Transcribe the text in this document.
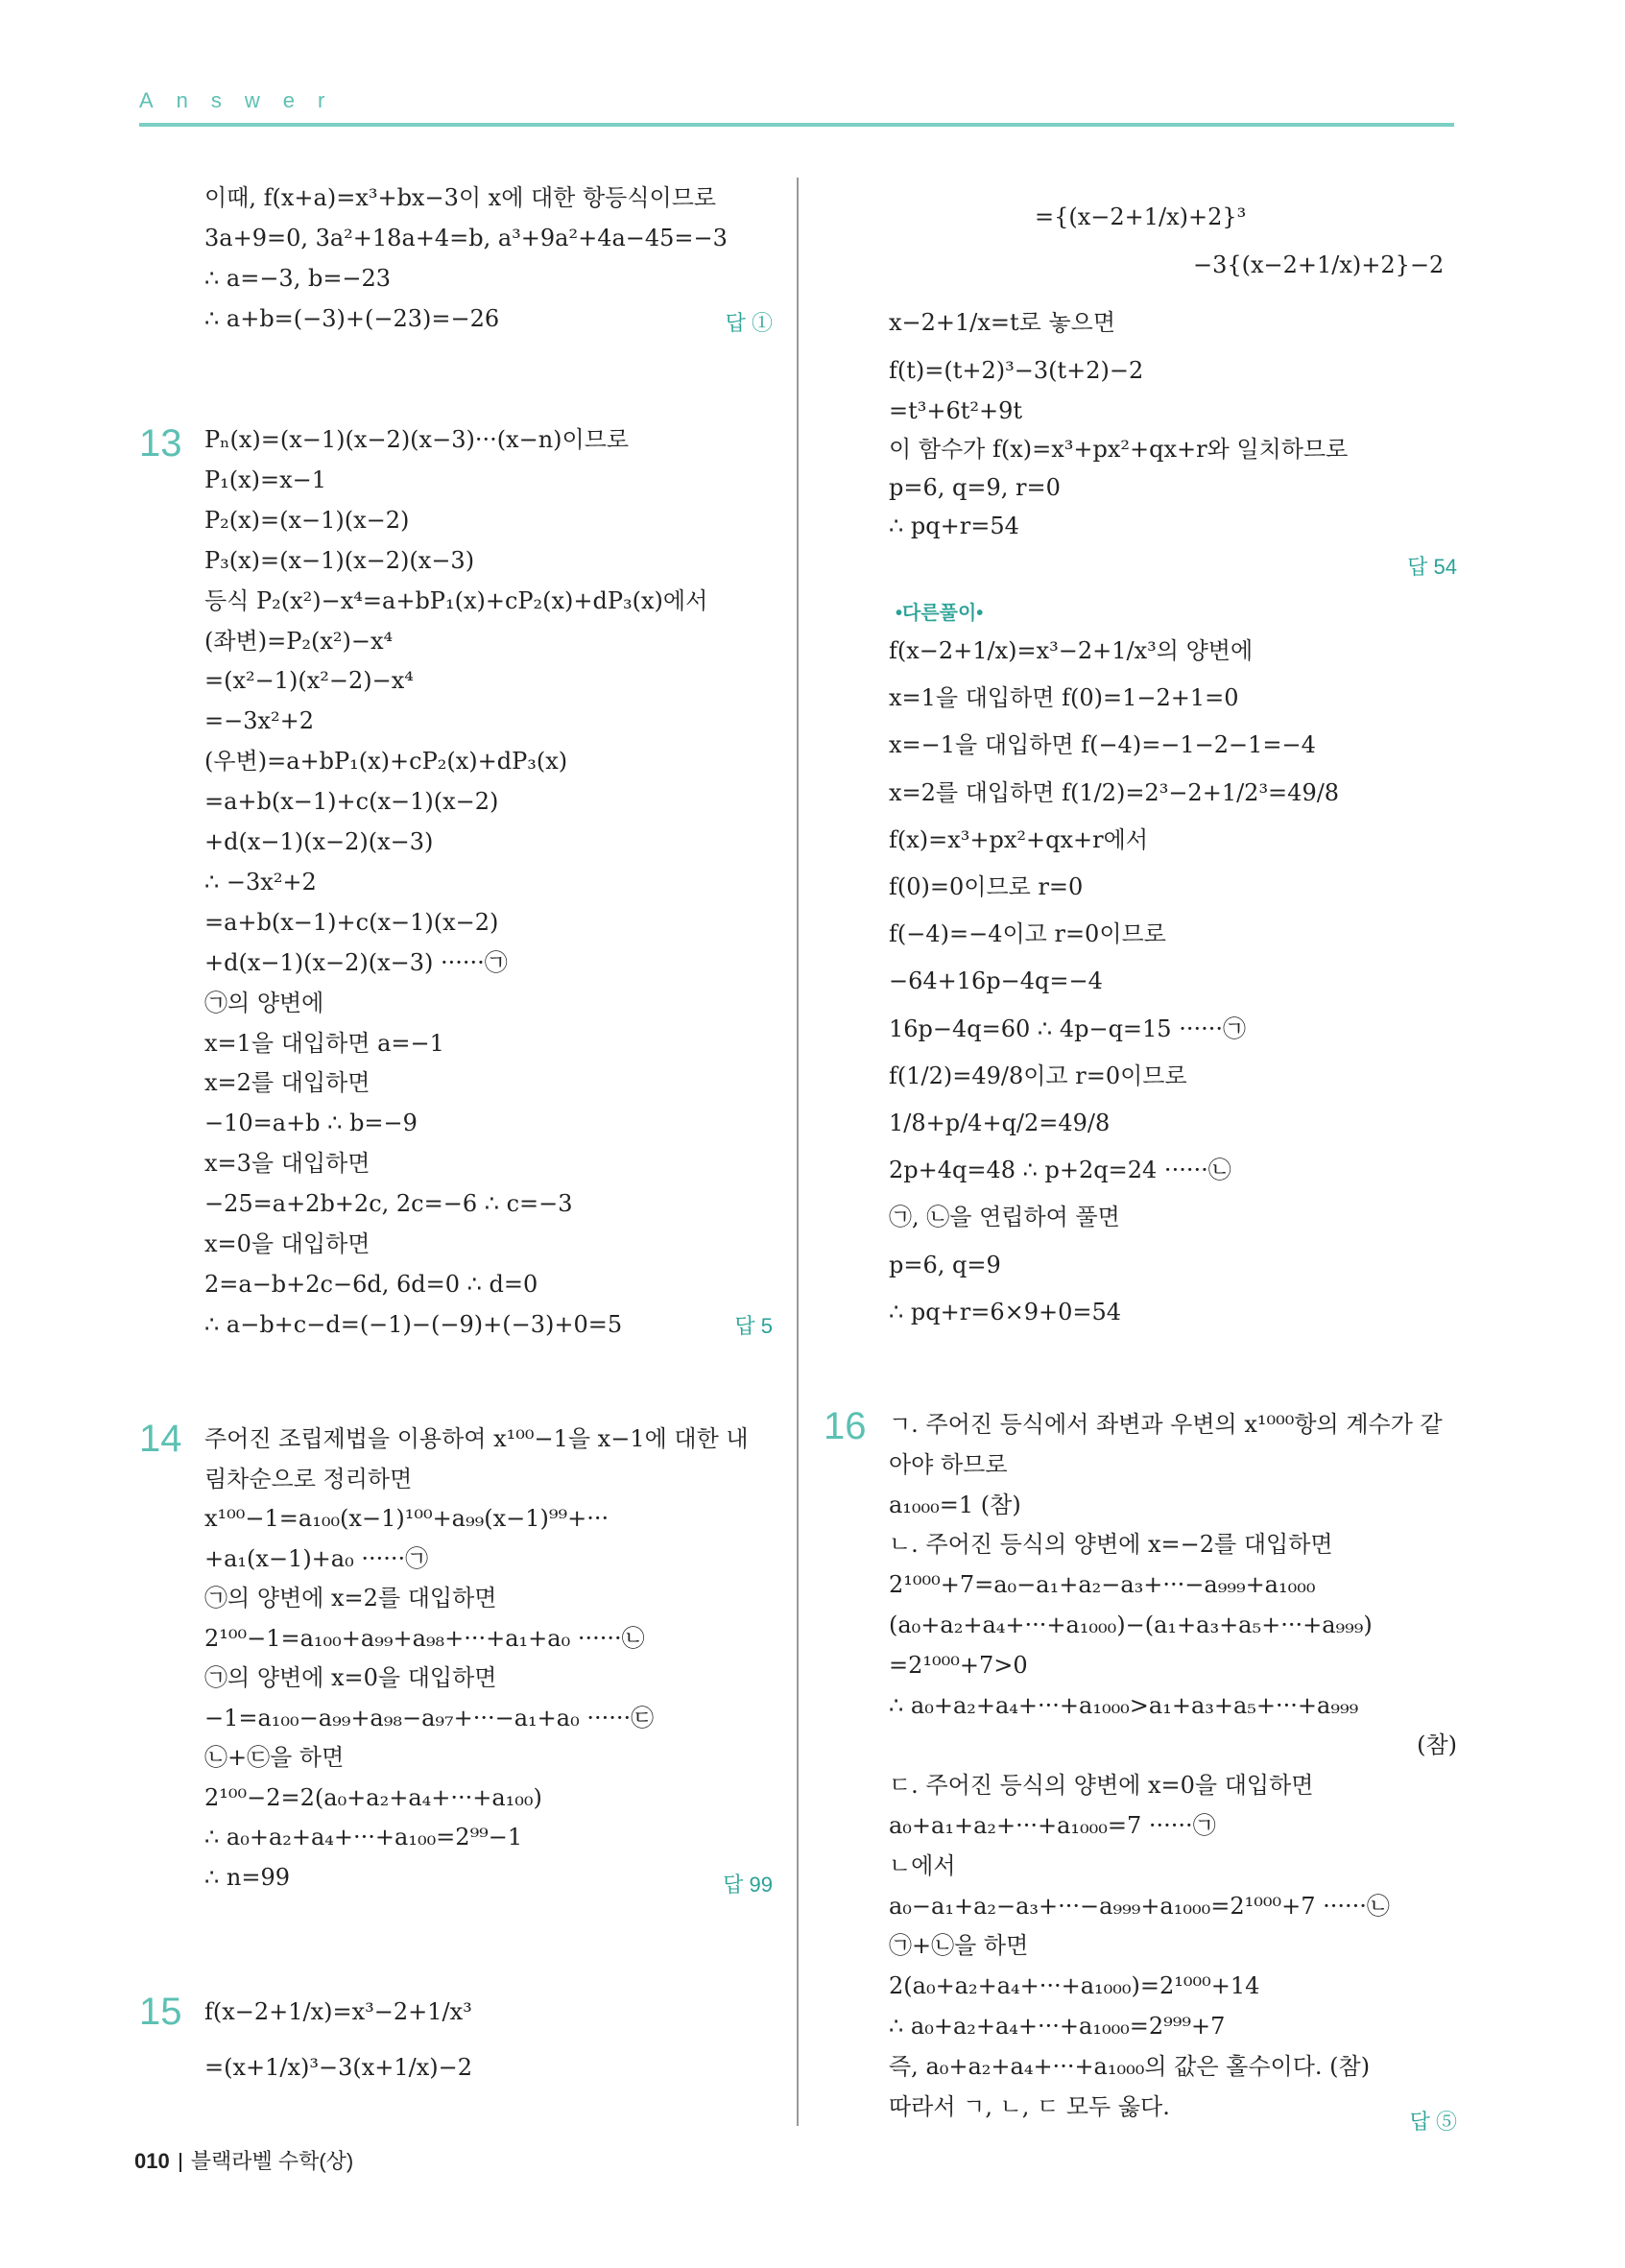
Answer
이때, f(x+a)=x³+bx−3이 x에 대한 항등식이므로
3a+9=0, 3a²+18a+4=b, a³+9a²+4a−45=−3
∴ a=−3, b=−23
∴ a+b=(−3)+(−23)=−26	답 ①
13 Pₙ(x)=(x−1)(x−2)(x−3)···(x−n)이므로
P₁(x)=x−1
P₂(x)=(x−1)(x−2)
P₃(x)=(x−1)(x−2)(x−3)
등식 P₂(x²)−x⁴=a+bP₁(x)+cP₂(x)+dP₃(x)에서
(좌변)=P₂(x²)−x⁴
=(x²−1)(x²−2)−x⁴
=−3x²+2
(우변)=a+bP₁(x)+cP₂(x)+dP₃(x)
=a+b(x−1)+c(x−1)(x−2)
+d(x−1)(x−2)(x−3)
∴ −3x²+2
=a+b(x−1)+c(x−1)(x−2)
+d(x−1)(x−2)(x−3) ······㉠
㉠의 양변에
x=1을 대입하면 a=−1
x=2를 대입하면
−10=a+b ∴ b=−9
x=3을 대입하면
−25=a+2b+2c, 2c=−6 ∴ c=−3
x=0을 대입하면
2=a−b+2c−6d, 6d=0 ∴ d=0
∴ a−b+c−d=(−1)−(−9)+(−3)+0=5	답 5
14 주어진 조립제법을 이용하여 x¹⁰⁰−1을 x−1에 대한 내
림차순으로 정리하면
x¹⁰⁰−1=a₁₀₀(x−1)¹⁰⁰+a₉₉(x−1)⁹⁹+···
+a₁(x−1)+a₀ ······㉠
㉠의 양변에 x=2를 대입하면
2¹⁰⁰−1=a₁₀₀+a₉₉+a₉₈+···+a₁+a₀ ······㉡
㉠의 양변에 x=0을 대입하면
−1=a₁₀₀−a₉₉+a₉₈−a₉₇+···−a₁+a₀ ······㉢
㉡+㉢을 하면
2¹⁰⁰−2=2(a₀+a₂+a₄+···+a₁₀₀)
∴ a₀+a₂+a₄+···+a₁₀₀=2⁹⁹−1
∴ n=99	답 99
15 f(x−2+1/x)=x³−2+1/x³
=(x+1/x)³−3(x+1/x)−2
={(x−2+1/x)+2}³
−3{(x−2+1/x)+2}−2
x−2+1/x=t로 놓으면
f(t)=(t+2)³−3(t+2)−2
=t³+6t²+9t
이 함수가 f(x)=x³+px²+qx+r와 일치하므로
p=6, q=9, r=0
∴ pq+r=54
답 54
•다른풀이•
f(x−2+1/x)=x³−2+1/x³의 양변에
x=1을 대입하면 f(0)=1−2+1=0
x=−1을 대입하면 f(−4)=−1−2−1=−4
x=2를 대입하면 f(1/2)=2³−2+1/2³=49/8
f(x)=x³+px²+qx+r에서
f(0)=0이므로 r=0
f(−4)=−4이고 r=0이므로
−64+16p−4q=−4
16p−4q=60 ∴ 4p−q=15 ······㉠
f(1/2)=49/8이고 r=0이므로
1/8+p/4+q/2=49/8
2p+4q=48 ∴ p+2q=24 ······㉡
㉠, ㉡을 연립하여 풀면
p=6, q=9
∴ pq+r=6×9+0=54
16 ㄱ. 주어진 등식에서 좌변과 우변의 x¹⁰⁰⁰항의 계수가 같
아야 하므로
a₁₀₀₀=1 (참)
ㄴ. 주어진 등식의 양변에 x=−2를 대입하면
2¹⁰⁰⁰+7=a₀−a₁+a₂−a₃+···−a₉₉₉+a₁₀₀₀
(a₀+a₂+a₄+···+a₁₀₀₀)−(a₁+a₃+a₅+···+a₉₉₉)
=2¹⁰⁰⁰+7>0
∴ a₀+a₂+a₄+···+a₁₀₀₀>a₁+a₃+a₅+···+a₉₉₉
(참)
ㄷ. 주어진 등식의 양변에 x=0을 대입하면
a₀+a₁+a₂+···+a₁₀₀₀=7 ······㉠
ㄴ에서
a₀−a₁+a₂−a₃+···−a₉₉₉+a₁₀₀₀=2¹⁰⁰⁰+7 ······㉡
㉠+㉡을 하면
2(a₀+a₂+a₄+···+a₁₀₀₀)=2¹⁰⁰⁰+14
∴ a₀+a₂+a₄+···+a₁₀₀₀=2⁹⁹⁹+7
즉, a₀+a₂+a₄+···+a₁₀₀₀의 값은 홀수이다. (참)
따라서 ㄱ, ㄴ, ㄷ 모두 옳다.
답 ⑤
010 블랙라벨 수학(상)
